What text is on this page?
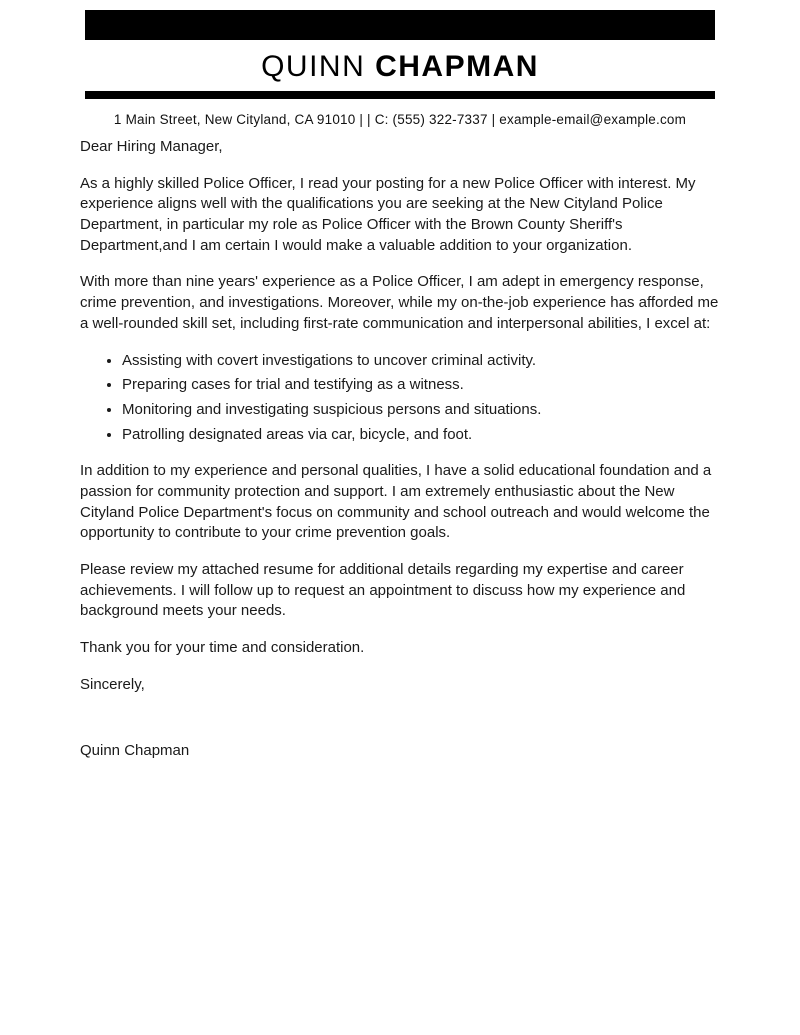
QUINN CHAPMAN
1 Main Street, New Cityland, CA 91010 | | C: (555) 322-7337 | example-email@example.com

Dear Hiring Manager,

As a highly skilled Police Officer, I read your posting for a new Police Officer with interest. My experience aligns well with the qualifications you are seeking at the New Cityland Police Department, in particular my role as Police Officer with the Brown County Sheriff's Department,and I am certain I would make a valuable addition to your organization.

With more than nine years' experience as a Police Officer, I am adept in emergency response, crime prevention, and investigations. Moreover, while my on-the-job experience has afforded me a well-rounded skill set, including first-rate communication and interpersonal abilities, I excel at:

• Assisting with covert investigations to uncover criminal activity.
• Preparing cases for trial and testifying as a witness.
• Monitoring and investigating suspicious persons and situations.
• Patrolling designated areas via car, bicycle, and foot.

In addition to my experience and personal qualities, I have a solid educational foundation and a passion for community protection and support. I am extremely enthusiastic about the New Cityland Police Department's focus on community and school outreach and would welcome the opportunity to contribute to your crime prevention goals.

Please review my attached resume for additional details regarding my expertise and career achievements. I will follow up to request an appointment to discuss how my experience and background meets your needs.

Thank you for your time and consideration.

Sincerely,

Quinn Chapman
